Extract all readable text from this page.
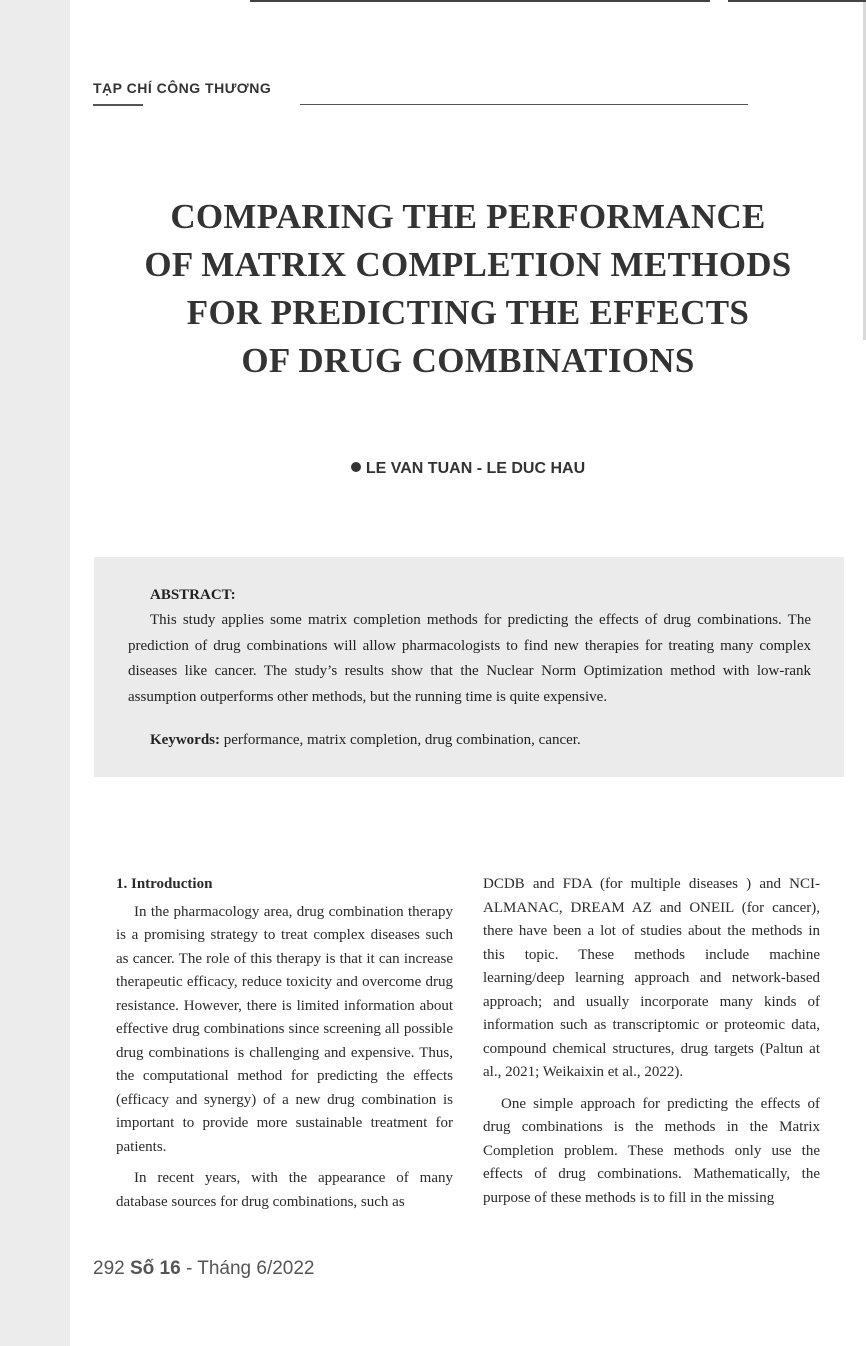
TẠP CHÍ CÔNG THƯƠNG
COMPARING THE PERFORMANCE
OF MATRIX COMPLETION METHODS
FOR PREDICTING THE EFFECTS
OF DRUG COMBINATIONS
LE VAN TUAN - LE DUC HAU
ABSTRACT:

This study applies some matrix completion methods for predicting the effects of drug combinations. The prediction of drug combinations will allow pharmacologists to find new therapies for treating many complex diseases like cancer. The study’s results show that the Nuclear Norm Optimization method with low-rank assumption outperforms other methods, but the running time is quite expensive.

Keywords: performance, matrix completion, drug combination, cancer.
1. Introduction

In the pharmacology area, drug combination therapy is a promising strategy to treat complex diseases such as cancer. The role of this therapy is that it can increase therapeutic efficacy, reduce toxicity and overcome drug resistance. However, there is limited information about effective drug combinations since screening all possible drug combinations is challenging and expensive. Thus, the computational method for predicting the effects (efficacy and synergy) of a new drug combination is important to provide more sustainable treatment for patients.

In recent years, with the appearance of many database sources for drug combinations, such as

DCDB and FDA (for multiple diseases ) and NCI-ALMANAC, DREAM AZ and ONEIL (for cancer), there have been a lot of studies about the methods in this topic. These methods include machine learning/deep learning approach and network-based approach; and usually incorporate many kinds of information such as transcriptomic or proteomic data, compound chemical structures, drug targets (Paltun at al., 2021; Weikaixin et al., 2022).

One simple approach for predicting the effects of drug combinations is the methods in the Matrix Completion problem. These methods only use the effects of drug combinations. Mathematically, the purpose of these methods is to fill in the missing

292 Số 16 - Tháng 6/2022
